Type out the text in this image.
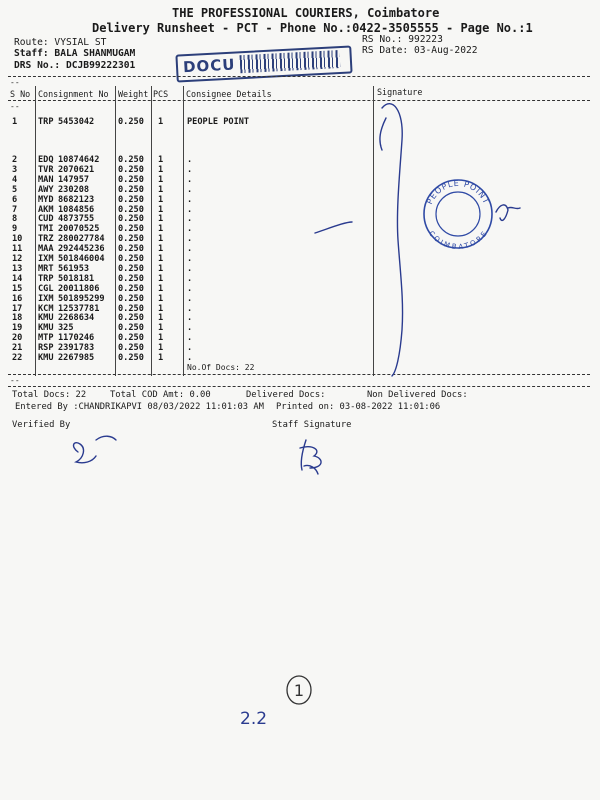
THE PROFESSIONAL COURIERS, Coimbatore
Delivery Runsheet - PCT - Phone No.:0422-3505555 - Page No.:1
Route: VYSIAL ST
Staff: BALA SHANMUGAM
DRS No.: DCJB99222301
RS No.: 992223
RS Date: 03-Aug-2022
DOCU
--
--
S No Consignment No Weight PCS Consignee Details	Signature
1 TRP 5453042	0.250 1	PEOPLE POINT
2 EDQ 10874642 0.250 1	.
3 TVR 2070621	0.250 1	.
4 MAN 147957	0.250 1	.
5 AWY 230208	0.250 1	.
6 MYD 8682123	0.250 1	.
7 AKM 1084856	0.250 1	.
8 CUD 4873755	0.250 1	.
9 TMI 20070525 0.250 1	.
10 TRZ 280027784 0.250 1	.
11 MAA 292445236 0.250 1	.
12 IXM 501846004 0.250 1	.
13 MRT 561953	0.250 1	.
14 TRP 5018181	0.250 1	.
15 CGL 20011806 0.250 1	.
16 IXM 501895299 0.250 1	.
17 KCM 12537781 0.250 1	.
18 KMU 2268634	0.250 1	.
19 KMU 325	0.250 1	.
20 MTP 1170246	0.250 1	.
21 RSP 2391783	0.250 1	.
22 KMU 2267985	0.250 1	.
No.Of Docs: 22
--
Total Docs: 22	Total COD Amt: 0.00	Delivered Docs:	Non Delivered Docs:
Entered By :CHANDRIKAPVI 08/03/2022 11:01:03 AM Printed on: 03-08-2022 11:01:06
Verified By	Staff Signature
PEOPLE POINT
COIMBATORE
1
2.2
